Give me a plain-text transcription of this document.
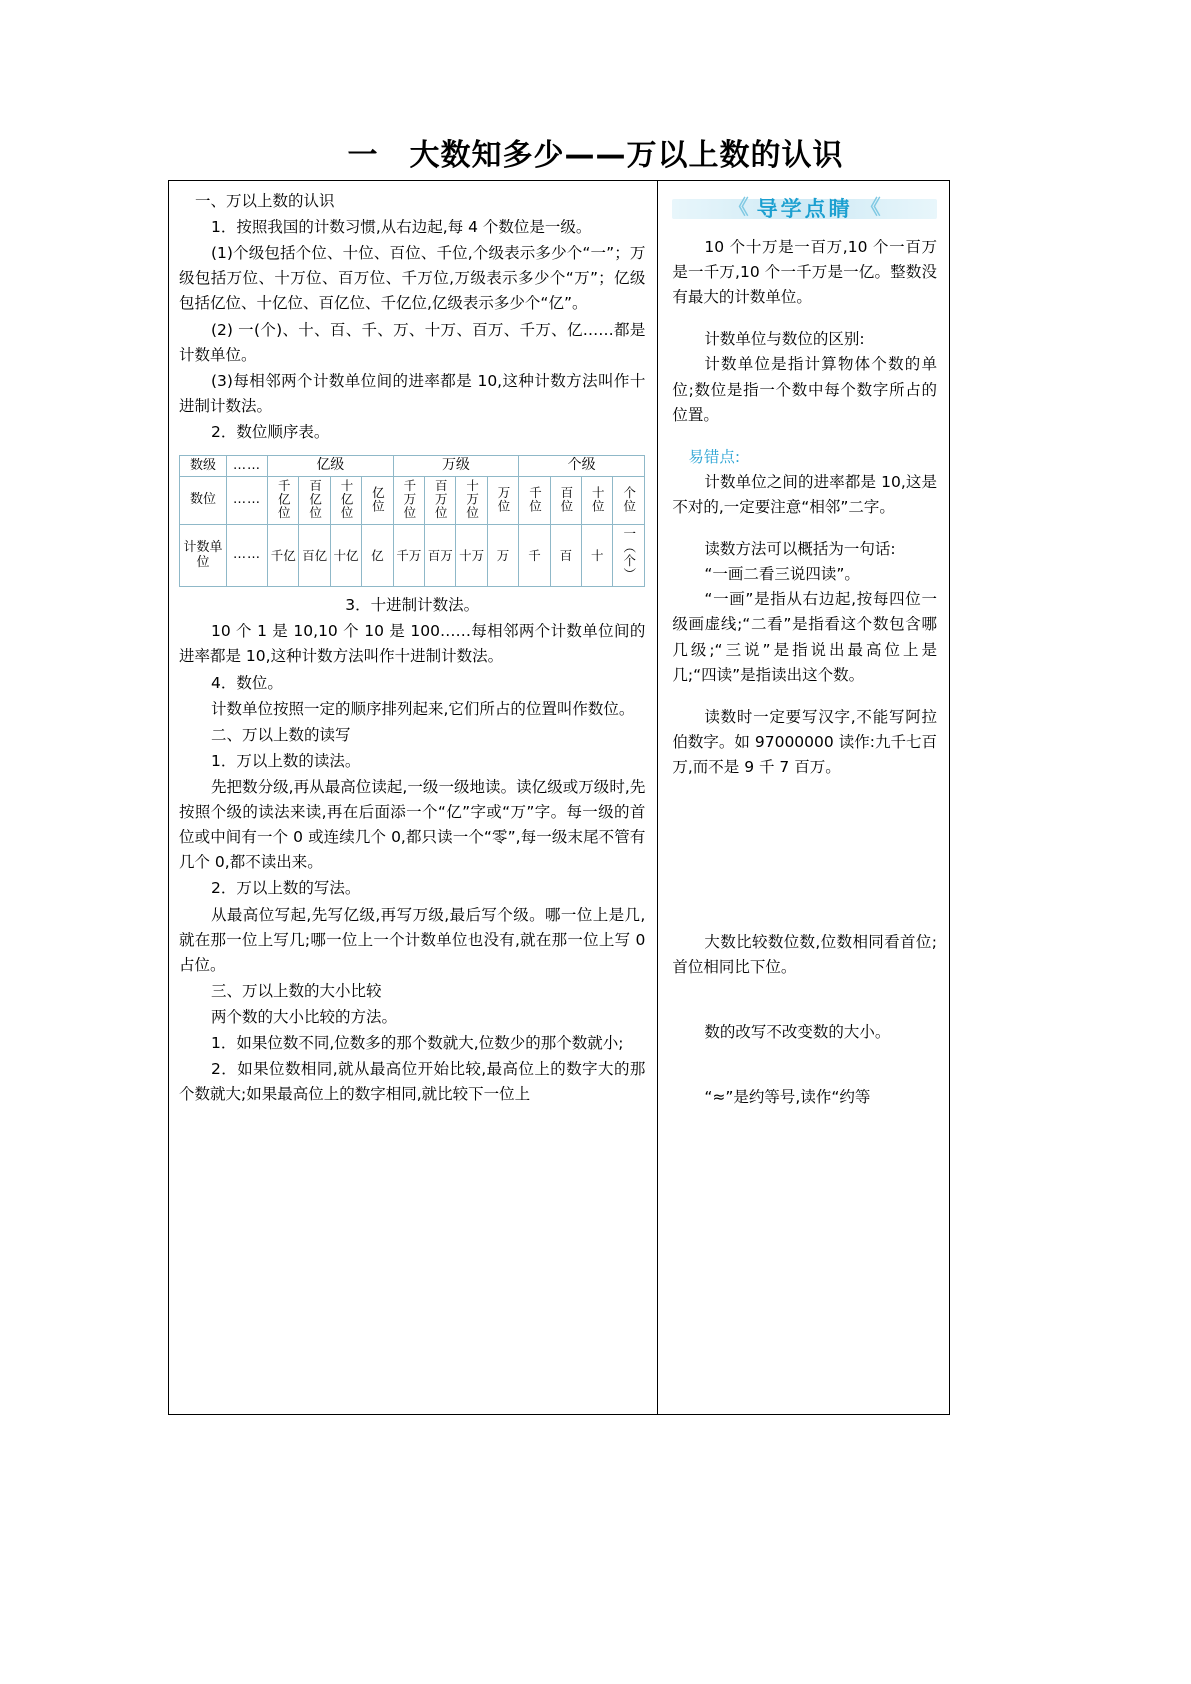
一　大数知多少——万以上数的认识

一、万以上数的认识

1．按照我国的计数习惯,从右边起,每 4 个数位是一级。

(1)个级包括个位、十位、百位、千位,个级表示多少个“一”；万级包括万位、十万位、百万位、千万位,万级表示多少个“万”；亿级包括亿位、十亿位、百亿位、千亿位,亿级表示多少个“亿”。

(2) 一(个)、十、百、千、万、十万、百万、千万、亿……都是计数单位。

(3)每相邻两个计数单位间的进率都是 10,这种计数方法叫作十进制计数法。

2．数位顺序表。

数级	……	亿级				万级				个级			
数位	……	千亿位	百亿位	十亿位	亿位	千万位	百万位	十万位	万位	千位	百位	十位	个位
计数单位	……	千亿	百亿	十亿	亿	千万	百万	十万	万	千	百	十	一（个）

3．十进制计数法。

10 个 1 是 10,10 个 10 是 100……每相邻两个计数单位间的进率都是 10,这种计数方法叫作十进制计数法。

4．数位。

计数单位按照一定的顺序排列起来,它们所占的位置叫作数位。

二、万以上数的读写

1．万以上数的读法。

先把数分级,再从最高位读起,一级一级地读。读亿级或万级时,先按照个级的读法来读,再在后面添一个“亿”字或“万”字。每一级的首位或中间有一个 0 或连续几个 0,都只读一个“零”,每一级末尾不管有几个 0,都不读出来。

2．万以上数的写法。

从最高位写起,先写亿级,再写万级,最后写个级。哪一位上是几,就在那一位上写几;哪一位上一个计数单位也没有,就在那一位上写 0 占位。

三、万以上数的大小比较

两个数的大小比较的方法。

1．如果位数不同,位数多的那个数就大,位数少的那个数就小;

2．如果位数相同,就从最高位开始比较,最高位上的数字大的那个数就大;如果最高位上的数字相同,就比较下一位上

《 导学点睛 《

10 个十万是一百万,10 个一百万是一千万,10 个一千万是一亿。整数没有最大的计数单位。

计数单位与数位的区别:

计数单位是指计算物体个数的单位;数位是指一个数中每个数字所占的位置。

易错点:

计数单位之间的进率都是 10,这是不对的,一定要注意“相邻”二字。

读数方法可以概括为一句话:

“一画二看三说四读”。

“一画”是指从右边起,按每四位一级画虚线;“二看”是指看这个数包含哪几级;“三说”是指说出最高位上是几;“四读”是指读出这个数。

读数时一定要写汉字,不能写阿拉伯数字。如 97000000 读作:九千七百万,而不是 9 千 7 百万。

大数比较数位数,位数相同看首位;首位相同比下位。

数的改写不改变数的大小。

“≈”是约等号,读作“约等
